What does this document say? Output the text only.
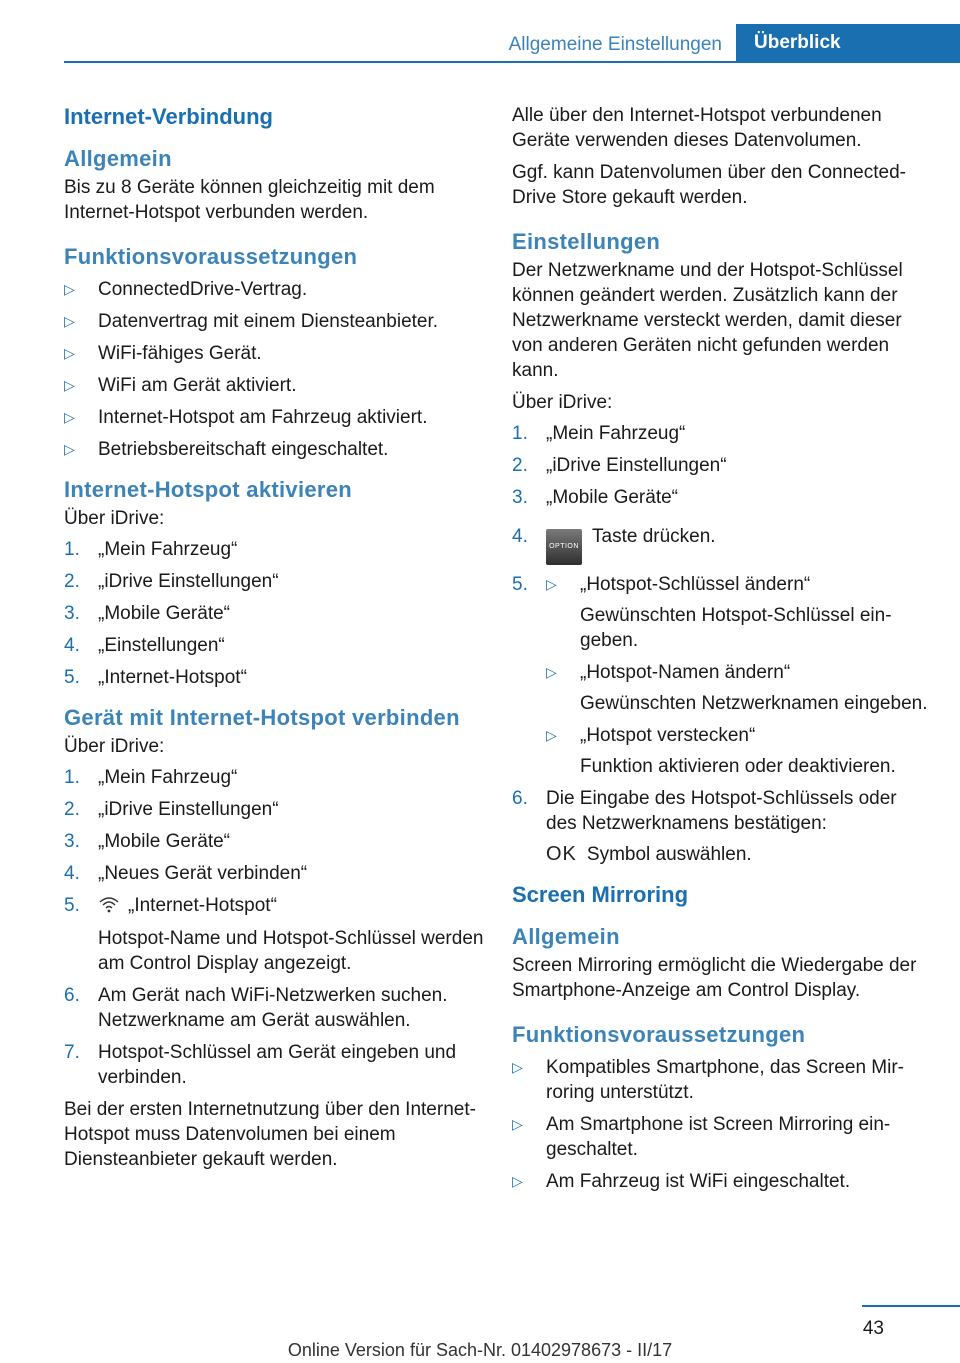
Allgemeine Einstellungen	Überblick
Internet-Verbindung
Allgemein

Bis zu 8 Geräte können gleichzeitig mit dem Internet-Hotspot verbunden werden.

Funktionsvoraussetzungen
▷ ConnectedDrive-Vertrag.
▷ Datenvertrag mit einem Diensteanbieter.
▷ WiFi-fähiges Gerät.
▷ WiFi am Gerät aktiviert.
▷ Internet-Hotspot am Fahrzeug aktiviert.
▷ Betriebsbereitschaft eingeschaltet.
Internet-Hotspot aktivieren

Über iDrive:

1. „Mein Fahrzeug“
2. „iDrive Einstellungen“
3. „Mobile Geräte“
4. „Einstellungen“
5. „Internet-Hotspot“
Gerät mit Internet-Hotspot verbinden

Über iDrive:

1. „Mein Fahrzeug“
2. „iDrive Einstellungen“
3. „Mobile Geräte“
4. „Neues Gerät verbinden“
5.	„Internet-Hotspot“

Hotspot-Name und Hotspot-Schlüssel werden am Control Display angezeigt.

6. Am Gerät nach WiFi-Netzwerken suchen. Netzwerkname am Gerät auswählen.
7. Hotspot-Schlüssel am Gerät eingeben und verbinden.

Bei der ersten Internetnutzung über den Internet-Hotspot muss Datenvolumen bei einem Diensteanbieter gekauft werden.

Alle über den Internet-Hotspot verbundenen Geräte verwenden dieses Datenvolumen.

Ggf. kann Datenvolumen über den ConnectedDrive Store gekauft werden.

Einstellungen

Der Netzwerkname und der Hotspot-Schlüssel können geändert werden. Zusätzlich kann der Netzwerkname versteckt werden, damit dieser von anderen Geräten nicht gefunden werden kann.

Über iDrive:

1. „Mein Fahrzeug“
2. „iDrive Einstellungen“
3. „Mobile Geräte“
4.	OPTION Taste drücken.
5. ▷ „Hotspot-Schlüssel ändern“

Gewünschten Hotspot-Schlüssel eingeben.

▷ „Hotspot-Namen ändern“

Gewünschten Netzwerknamen eingeben.

▷ „Hotspot verstecken“

Funktion aktivieren oder deaktivieren.

6. Die Eingabe des Hotspot-Schlüssels oder des Netzwerknamens bestätigen:

OK Symbol auswählen.

Screen Mirroring
Allgemein

Screen Mirroring ermöglicht die Wiedergabe der Smartphone-Anzeige am Control Display.

Funktionsvoraussetzungen
▷ Kompatibles Smartphone, das Screen Mirroring unterstützt.
▷ Am Smartphone ist Screen Mirroring eingeschaltet.
▷ Am Fahrzeug ist WiFi eingeschaltet.
43
Online Version für Sach-Nr. 01402978673 - II/17
